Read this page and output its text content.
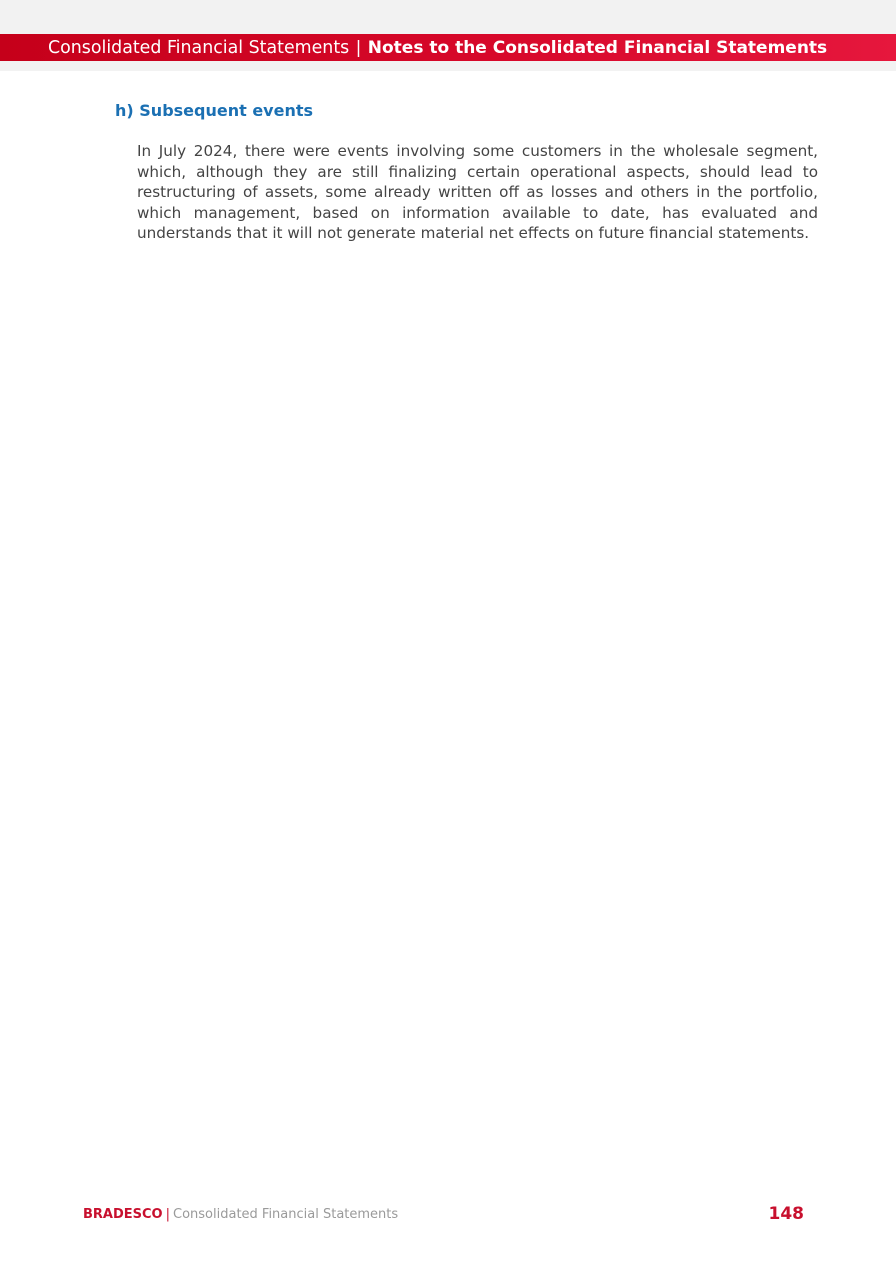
Consolidated Financial Statements | Notes to the Consolidated Financial Statements
h) Subsequent events

In July 2024, there were events involving some customers in the wholesale segment, which, although they are still finalizing certain operational aspects, should lead to restructuring of assets, some already written off as losses and others in the portfolio, which management, based on information available to date, has evaluated and understands that it will not generate material net effects on future financial statements.

BRADESCO | Consolidated Financial Statements	148
